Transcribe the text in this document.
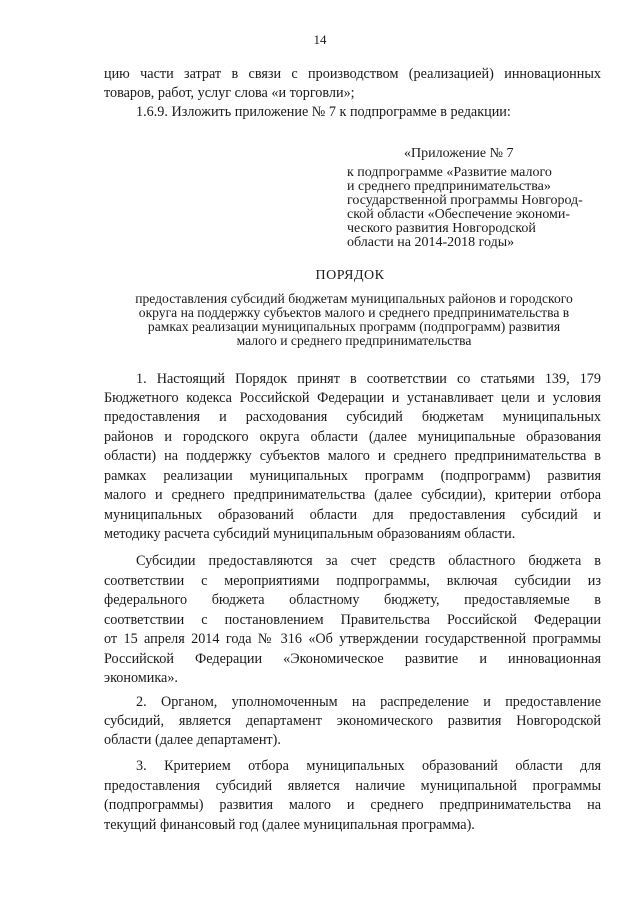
14
цию части затрат в связи с производством (реализацией) инновационных
товаров, работ, услуг слова «и торговли»;
1.6.9. Изложить приложение № 7 к подпрограмме в редакции:
«Приложение № 7
к подпрограмме «Развитие малого
и среднего предпринимательства»
государственной программы Новгород-
ской области «Обеспечение экономи-
ческого развития Новгородской
области на 2014-2018 годы»
ПОРЯДОК
предоставления субсидий бюджетам муниципальных районов и городского
округа на поддержку субъектов малого и среднего предпринимательства в
рамках реализации муниципальных программ (подпрограмм) развития
малого и среднего предпринимательства
1. Настоящий Порядок принят в соответствии со статьями 139, 179
Бюджетного кодекса Российской Федерации и устанавливает цели и условия
предоставления и расходования субсидий бюджетам муниципальных
районов и городского округа области (далее муниципальные образования
области) на поддержку субъектов малого и среднего предпринимательства в
рамках реализации муниципальных программ (подпрограмм) развития
малого и среднего предпринимательства (далее субсидии), критерии отбора
муниципальных образований области для предоставления субсидий и
методику расчета субсидий муниципальным образованиям области.
Субсидии предоставляются за счет средств областного бюджета в
соответствии с мероприятиями подпрограммы, включая субсидии из
федерального бюджета областному бюджету, предоставляемые в
соответствии с постановлением Правительства Российской Федерации
от 15 апреля 2014 года № 316 «Об утверждении государственной программы
Российской Федерации «Экономическое развитие и инновационная
экономика».
2. Органом, уполномоченным на распределение и предоставление
субсидий, является департамент экономического развития Новгородской
области (далее департамент).
3. Критерием отбора муниципальных образований области для
предоставления субсидий является наличие муниципальной программы
(подпрограммы) развития малого и среднего предпринимательства на
текущий финансовый год (далее муниципальная программа).
